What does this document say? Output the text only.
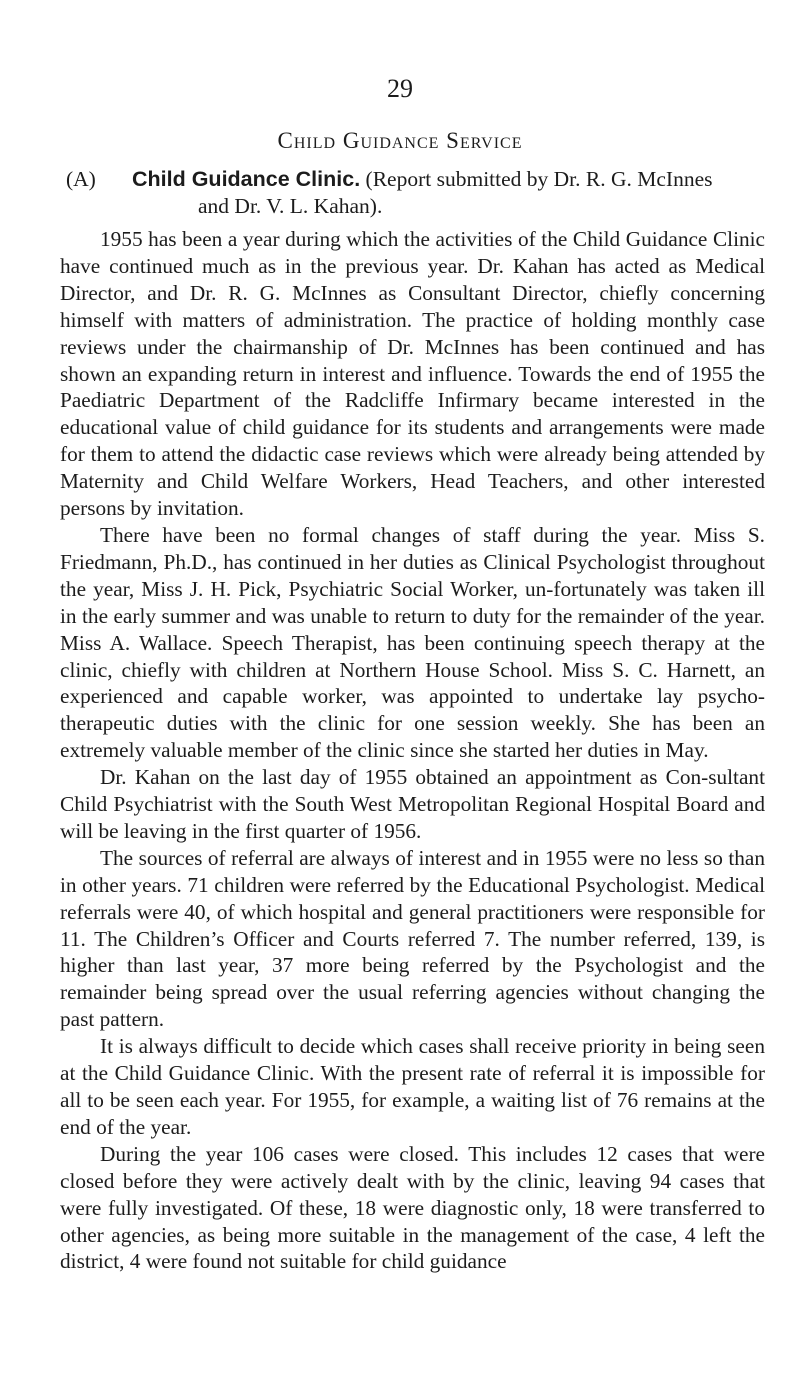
29
Child Guidance Service
(A) Child Guidance Clinic. (Report submitted by Dr. R. G. McInnes
and Dr. V. L. Kahan).

1955 has been a year during which the activities of the Child Guidance Clinic have continued much as in the previous year. Dr. Kahan has acted as Medical Director, and Dr. R. G. McInnes as Consultant Director, chiefly concerning himself with matters of administration. The practice of holding monthly case reviews under the chairmanship of Dr. McInnes has been continued and has shown an expanding return in interest and influence. Towards the end of 1955 the Paediatric Department of the Radcliffe Infirmary became interested in the educational value of child guidance for its students and arrangements were made for them to attend the didactic case reviews which were already being attended by Maternity and Child Welfare Workers, Head Teachers, and other interested persons by invitation.

There have been no formal changes of staff during the year. Miss S. Friedmann, Ph.D., has continued in her duties as Clinical Psychologist throughout the year, Miss J. H. Pick, Psychiatric Social Worker, un-fortunately was taken ill in the early summer and was unable to return to duty for the remainder of the year. Miss A. Wallace. Speech Therapist, has been continuing speech therapy at the clinic, chiefly with children at Northern House School. Miss S. C. Harnett, an experienced and capable worker, was appointed to undertake lay psycho-therapeutic duties with the clinic for one session weekly. She has been an extremely valuable member of the clinic since she started her duties in May.

Dr. Kahan on the last day of 1955 obtained an appointment as Con-sultant Child Psychiatrist with the South West Metropolitan Regional Hospital Board and will be leaving in the first quarter of 1956.

The sources of referral are always of interest and in 1955 were no less so than in other years. 71 children were referred by the Educational Psychologist. Medical referrals were 40, of which hospital and general practitioners were responsible for 11. The Children’s Officer and Courts referred 7. The number referred, 139, is higher than last year, 37 more being referred by the Psychologist and the remainder being spread over the usual referring agencies without changing the past pattern.

It is always difficult to decide which cases shall receive priority in being seen at the Child Guidance Clinic. With the present rate of referral it is impossible for all to be seen each year. For 1955, for example, a waiting list of 76 remains at the end of the year.

During the year 106 cases were closed. This includes 12 cases that were closed before they were actively dealt with by the clinic, leaving 94 cases that were fully investigated. Of these, 18 were diagnostic only, 18 were transferred to other agencies, as being more suitable in the management of the case, 4 left the district, 4 were found not suitable for child guidance
